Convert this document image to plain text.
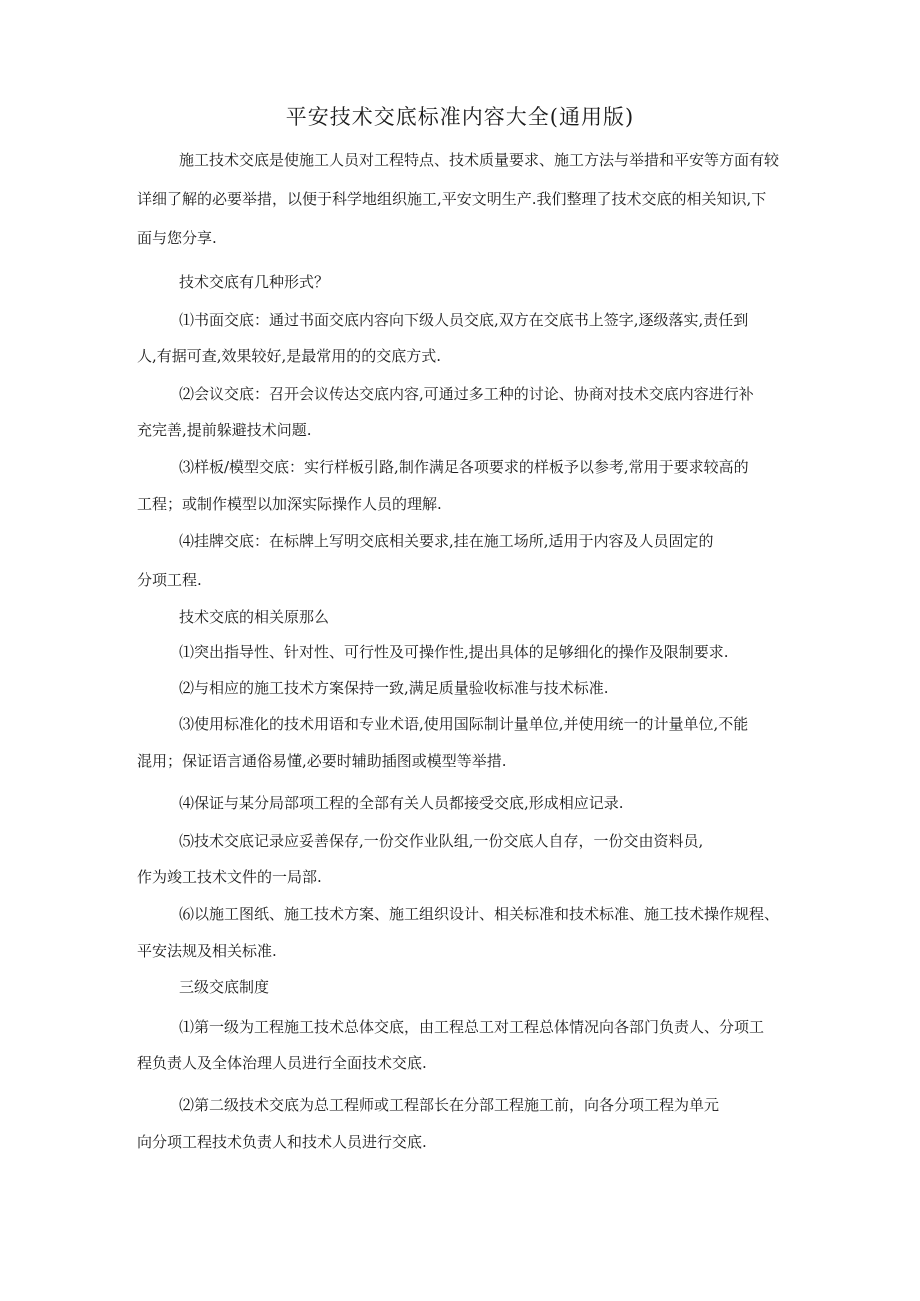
平安技术交底标准内容大全(通用版)
施工技术交底是使施工人员对工程特点、技术质量要求、施工方法与举措和平安等方面有较
详细了解的必要举措，以便于科学地组织施工,平安文明生产.我们整理了技术交底的相关知识,下
面与您分享.
技术交底有几种形式？
⑴书面交底：通过书面交底内容向下级人员交底,双方在交底书上签字,逐级落实,责任到
人,有据可查,效果较好,是最常用的的交底方式.
⑵会议交底：召开会议传达交底内容,可通过多工种的讨论、协商对技术交底内容进行补
充完善,提前躲避技术问题.
⑶样板/模型交底：实行样板引路,制作满足各项要求的样板予以参考,常用于要求较高的
工程；或制作模型以加深实际操作人员的理解.
⑷挂牌交底：在标牌上写明交底相关要求,挂在施工场所,适用于内容及人员固定的
分项工程.
技术交底的相关原那么
⑴突出指导性、针对性、可行性及可操作性,提出具体的足够细化的操作及限制要求.
⑵与相应的施工技术方案保持一致,满足质量验收标准与技术标准.
⑶使用标准化的技术用语和专业术语,使用国际制计量单位,并使用统一的计量单位,不能
混用；保证语言通俗易懂,必要时辅助插图或模型等举措.
⑷保证与某分局部项工程的全部有关人员都接受交底,形成相应记录.
⑸技术交底记录应妥善保存,一份交作业队组,一份交底人自存，一份交由资料员,
作为竣工技术文件的一局部.
⑹以施工图纸、施工技术方案、施工组织设计、相关标准和技术标准、施工技术操作规程、
平安法规及相关标准.
三级交底制度
⑴第一级为工程施工技术总体交底，由工程总工对工程总体情况向各部门负责人、分项工
程负责人及全体治理人员进行全面技术交底.
⑵第二级技术交底为总工程师或工程部长在分部工程施工前，向各分项工程为单元
向分项工程技术负责人和技术人员进行交底.
